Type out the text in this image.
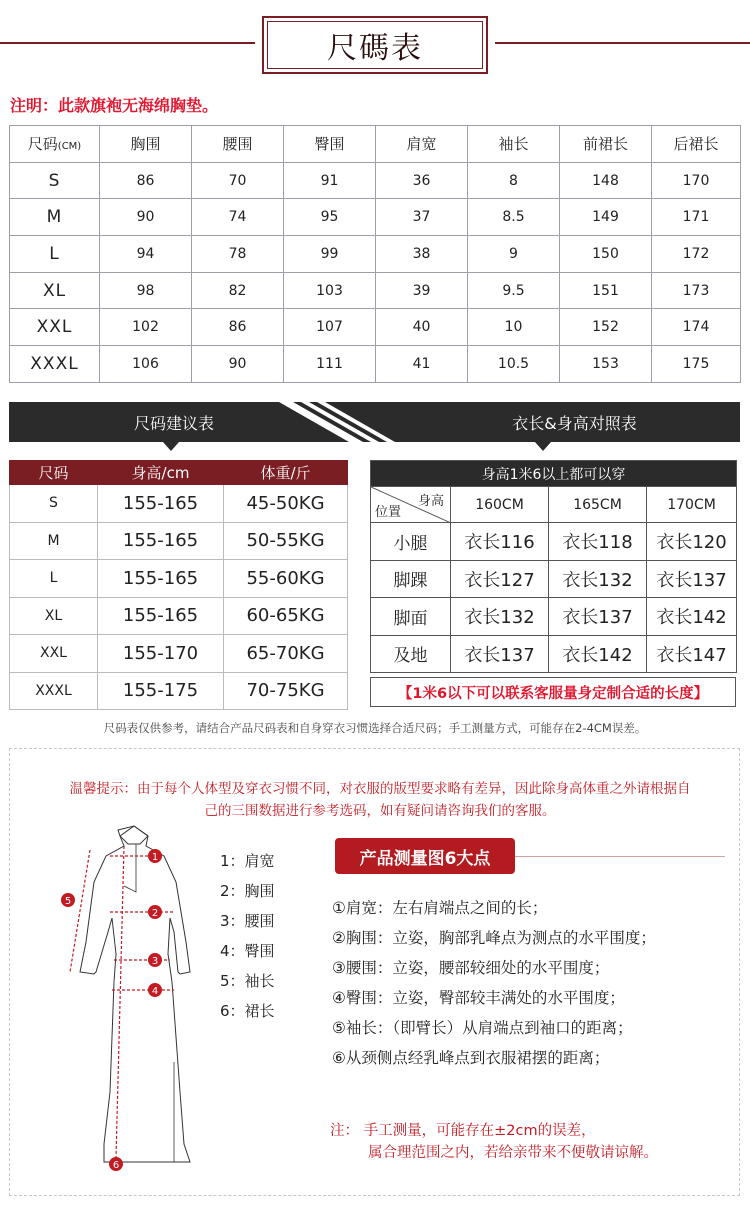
尺碼表
注明：此款旗袍无海绵胸垫。
尺码(CM)	胸围	腰围	臀围	肩宽	袖长	前裙长	后裙长
S	86	70	91	36	8	148	170
M	90	74	95	37	8.5	149	171
L	94	78	99	38	9	150	172
XL	98	82	103	39	9.5	151	173
XXL	102	86	107	40	10	152	174
XXXL	106	90	111	41	10.5	153	175
尺码建议表	衣长&身高对照表
尺码	身高/cm	体重/斤
S	155-165	45-50KG
M	155-165	50-55KG
L	155-165	55-60KG
XL	155-165	60-65KG
XXL	155-170	65-70KG
XXXL	155-175	70-75KG
身高1米6以上都可以穿			

身高
位置	160CM	165CM	170CM
小腿	衣长116	衣长118	衣长120
脚踝	衣长127	衣长132	衣长137
脚面	衣长132	衣长137	衣长142
及地	衣长137	衣长142	衣长147
【1米6以下可以联系客服量身定制合适的长度】
尺码表仅供参考，请结合产品尺码表和自身穿衣习惯选择合适尺码；手工测量方式，可能存在2-4CM误差。
温馨提示：由于每个人体型及穿衣习惯不同，对衣服的版型要求略有差异，因此除身高体重之外请根据自
己的三围数据进行参考选码，如有疑问请咨询我们的客服。
1
2
3
4
5
6
1：肩宽
2：胸围
3：腰围
4：臀围
5：袖长
6：裙长
产品测量图6大点
①肩宽：左右肩端点之间的长；
②胸围：立姿，胸部乳峰点为测点的水平围度；
③腰围：立姿，腰部较细处的水平围度；
④臀围：立姿，臀部较丰满处的水平围度；
⑤袖长：（即臂长）从肩端点到袖口的距离；
⑥从颈侧点经乳峰点到衣服裙摆的距离；
注： 手工测量，可能存在±2cm的误差，
属合理范围之内，若给亲带来不便敬请谅解。
